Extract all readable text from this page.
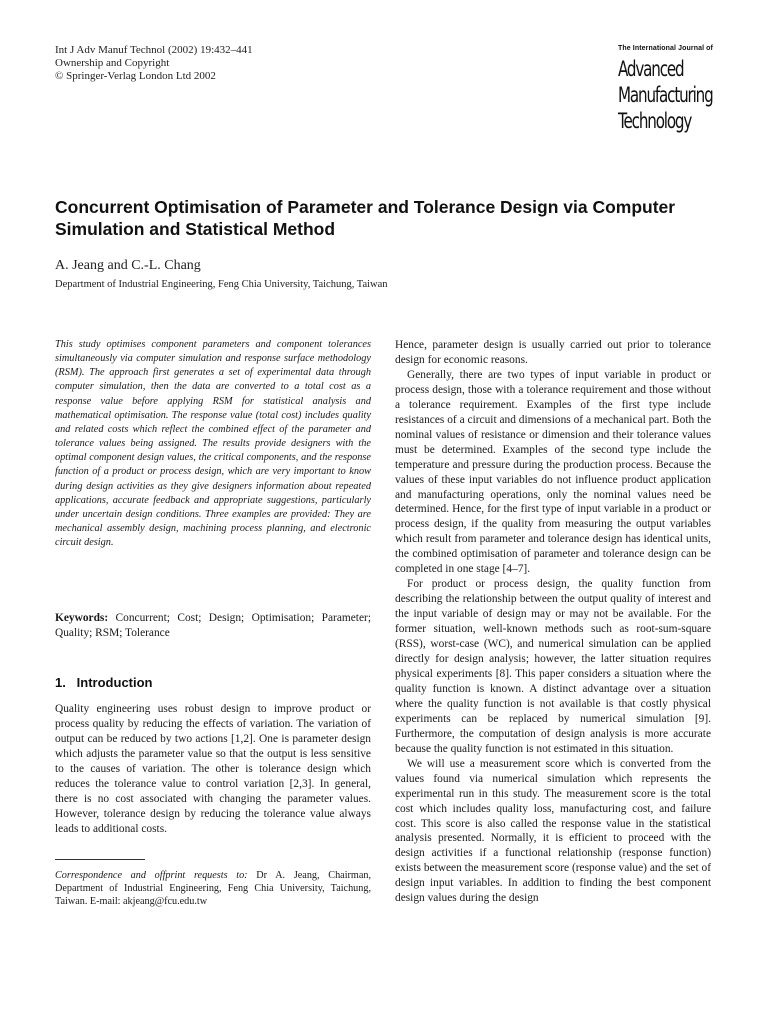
Int J Adv Manuf Technol (2002) 19:432–441
Ownership and Copyright
© Springer-Verlag London Ltd 2002
The International Journal of
Advanced
Manufacturing
Technology
Concurrent Optimisation of Parameter and Tolerance Design via Computer Simulation and Statistical Method
A. Jeang and C.-L. Chang
Department of Industrial Engineering, Feng Chia University, Taichung, Taiwan

This study optimises component parameters and component tolerances simultaneously via computer simulation and response surface methodology (RSM). The approach first generates a set of experimental data through computer simulation, then the data are converted to a total cost as a response value before applying RSM for statistical analysis and mathematical optimisation. The response value (total cost) includes quality and related costs which reflect the combined effect of the parameter and tolerance values being assigned. The results provide designers with the optimal component design values, the critical components, and the response function of a product or process design, which are very important to know during design activities as they give designers information about repeated applications, accurate feedback and appropriate suggestions, particularly under uncertain design conditions. Three examples are provided: They are mechanical assembly design, machining process planning, and electronic circuit design.

Keywords: Concurrent; Cost; Design; Optimisation; Parameter; Quality; RSM; Tolerance

1.   Introduction

Quality engineering uses robust design to improve product or process quality by reducing the effects of variation. The variation of output can be reduced by two actions [1,2]. One is parameter design which adjusts the parameter value so that the output is less sensitive to the causes of variation. The other is tolerance design which reduces the tolerance value to control variation [2,3]. In general, there is no cost associated with changing the parameter values. However, tolerance design by reducing the tolerance value always leads to additional costs.

Correspondence and offprint requests to: Dr A. Jeang, Chairman, Department of Industrial Engineering, Feng Chia University, Taichung, Taiwan. E-mail: akjeang@fcu.edu.tw

Hence, parameter design is usually carried out prior to tolerance design for economic reasons.

Generally, there are two types of input variable in product or process design, those with a tolerance requirement and those without a tolerance requirement. Examples of the first type include resistances of a circuit and dimensions of a mechanical part. Both the nominal values of resistance or dimension and their tolerance values must be determined. Examples of the second type include the temperature and pressure during the production process. Because the values of these input variables do not influence product application and manufacturing operations, only the nominal values need be determined. Hence, for the first type of input variable in a product or process design, if the quality from measuring the output variables which result from parameter and tolerance design has identical units, the combined optimisation of parameter and tolerance design can be completed in one stage [4–7].

For product or process design, the quality function from describing the relationship between the output quality of interest and the input variable of design may or may not be available. For the former situation, well-known methods such as root-sum-square (RSS), worst-case (WC), and numerical simulation can be applied directly for design analysis; however, the latter situation requires physical experiments [8]. This paper considers a situation where the quality function is known. A distinct advantage over a situation where the quality function is not available is that costly physical experiments can be replaced by numerical simulation [9]. Furthermore, the computation of design analysis is more accurate because the quality function is not estimated in this situation.

We will use a measurement score which is converted from the values found via numerical simulation which represents the experimental run in this study. The measurement score is the total cost which includes quality loss, manufacturing cost, and failure cost. This score is also called the response value in the statistical analysis presented. Normally, it is efficient to proceed with the design activities if a functional relationship (response function) exists between the measurement score (response value) and the set of design input variables. In addition to finding the best component design values during the design
